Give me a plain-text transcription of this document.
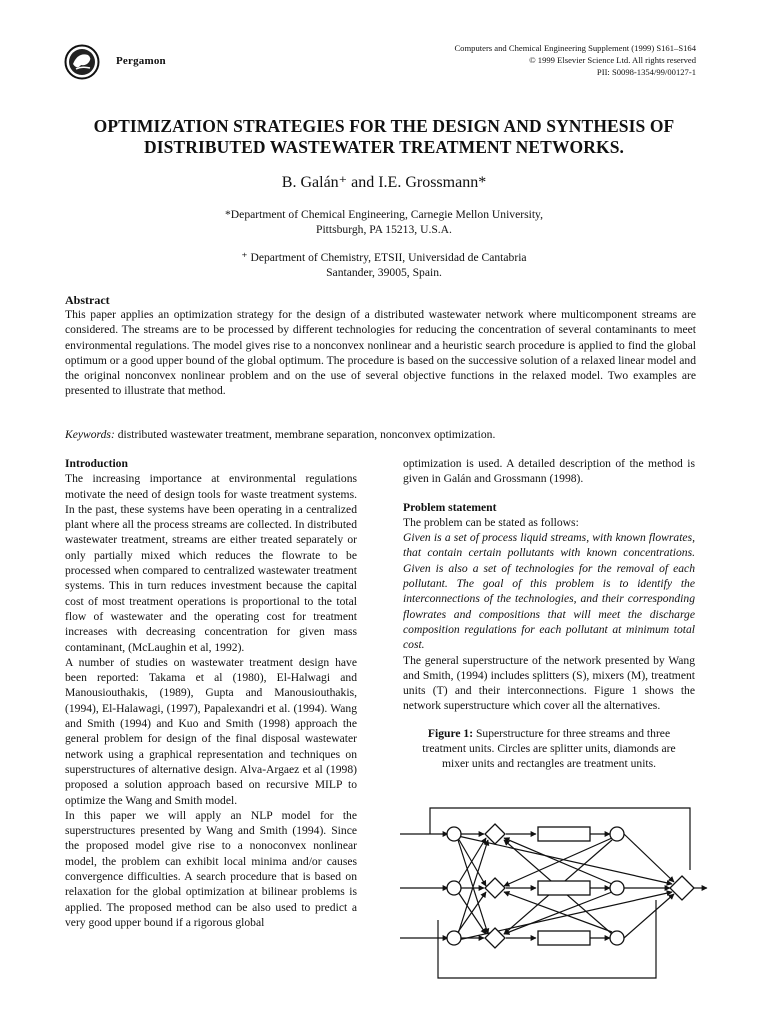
Pergamon
Computers and Chemical Engineering Supplement (1999) S161–S164
© 1999 Elsevier Science Ltd. All rights reserved
PII: S0098-1354/99/00127-1
OPTIMIZATION STRATEGIES FOR THE DESIGN AND SYNTHESIS OF
DISTRIBUTED WASTEWATER TREATMENT NETWORKS.
B. Galán⁺ and I.E. Grossmann*
*Department of Chemical Engineering, Carnegie Mellon University,
Pittsburgh, PA 15213, U.S.A.
⁺ Department of Chemistry, ETSII, Universidad de Cantabria
Santander, 39005, Spain.
Abstract
This paper applies an optimization strategy for the design of a distributed wastewater network where multicomponent streams are considered. The streams are to be processed by different technologies for reducing the concentration of several contaminants to meet environmental regulations. The model gives rise to a nonconvex nonlinear and a heuristic search procedure is applied to find the global optimum or a good upper bound of the global optimum. The procedure is based on the successive solution of a relaxed linear model and the original nonconvex nonlinear problem and on the use of several objective functions in the relaxed model. Two examples are presented to illustrate that method.
Keywords: distributed wastewater treatment, membrane separation, nonconvex optimization.
Introduction

The increasing importance at environmental regulations motivate the need of design tools for waste treatment systems. In the past, these systems have been operating in a centralized plant where all the process streams are collected. In distributed wastewater treatment, streams are either treated separately or only partially mixed which reduces the flowrate to be processed when compared to centralized wastewater treatment systems. This in turn reduces investment because the capital cost of most treatment operations is proportional to the total flow of wastewater and the operating cost for treatment increases with decreasing concentration for given mass contaminant, (McLaughin et al, 1992).

A number of studies on wastewater treatment design have been reported: Takama et al (1980), El-Halwagi and Manousiouthakis, (1989), Gupta and Manousiouthakis, (1994), El-Halawagi, (1997), Papalexandri et al. (1994). Wang and Smith (1994) and Kuo and Smith (1998) approach the general problem for design of the final disposal wastewater network using a graphical representation and techniques on superstructures of alternative design. Alva-Argaez et al (1998) proposed a solution approach based on recursive MILP to optimize the Wang and Smith model.

In this paper we will apply an NLP model for the superstructures presented by Wang and Smith (1994). Since the proposed model give rise to a nonoconvex nonlinear model, the problem can exhibit local minima and/or causes convergence difficulties. A search procedure that is based on relaxation for the global optimization at bilinear problems is applied. The proposed method can be also used to predict a very good upper bound if a rigorous global

optimization is used. A detailed description of the method is given in Galán and Grossmann (1998).

Problem statement

The problem can be stated as follows:

Given is a set of process liquid streams, with known flowrates, that contain certain pollutants with known concentrations. Given is also a set of technologies for the removal of each pollutant. The goal of this problem is to identify the interconnections of the technologies, and their corresponding flowrates and compositions that will meet the discharge composition regulations for each pollutant at minimum total cost.

The general superstructure of the network presented by Wang and Smith, (1994) includes splitters (S), mixers (M), treatment units (T) and their interconnections. Figure 1 shows the network superstructure which cover all the alternatives.

Figure 1: Superstructure for three streams and three treatment units. Circles are splitter units, diamonds are mixer units and rectangles are treatment units.
